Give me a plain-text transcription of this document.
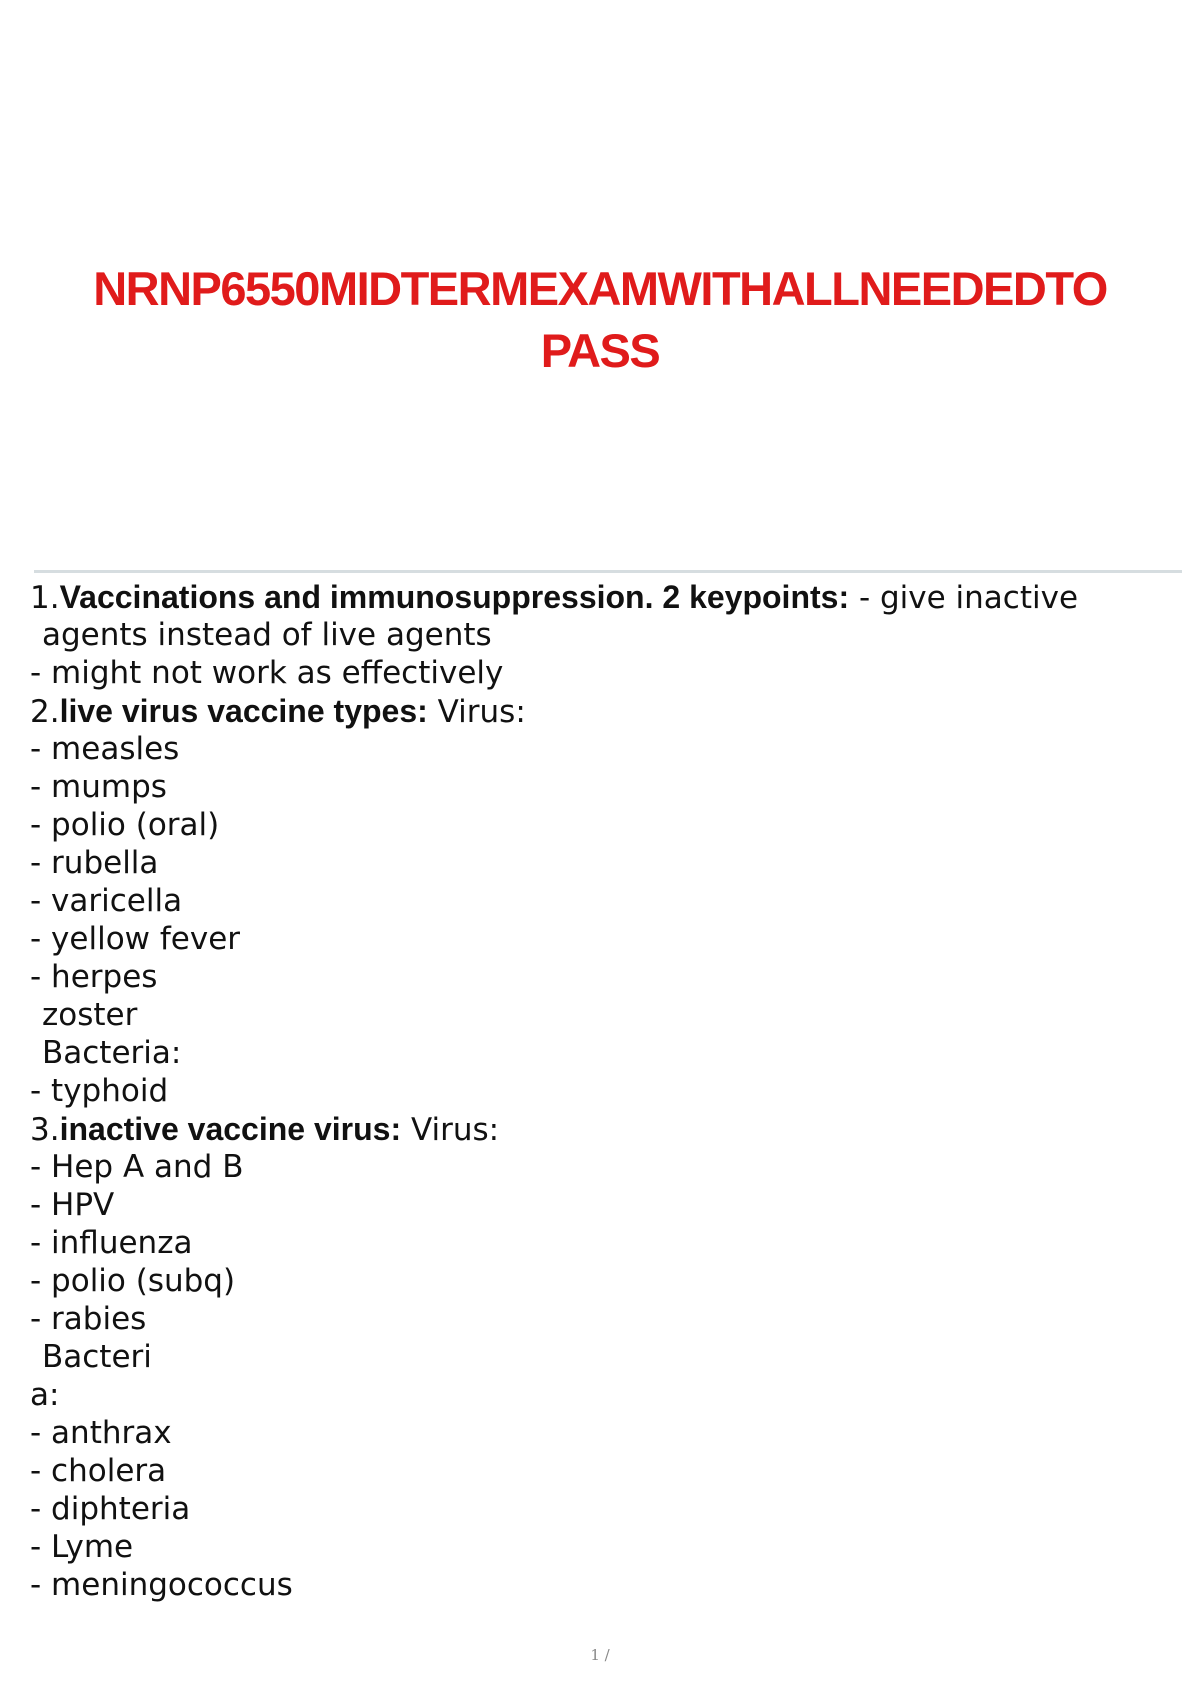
NRNP6550MIDTERMEXAMWITHALLNEEDEDTO
PASS
1.Vaccinations and immunosuppression. 2 keypoints: - give inactive
agents instead of live agents
- might not work as effectively
2.live virus vaccine types: Virus:
- measles
- mumps
- polio (oral)
- rubella
- varicella
- yellow fever
- herpes
zoster
Bacteria:
- typhoid
3.inactive vaccine virus: Virus:
- Hep A and B
- HPV
- influenza
- polio (subq)
- rabies
Bacteri
a:
- anthrax
- cholera
- diphteria
- Lyme
- meningococcus
1 /
